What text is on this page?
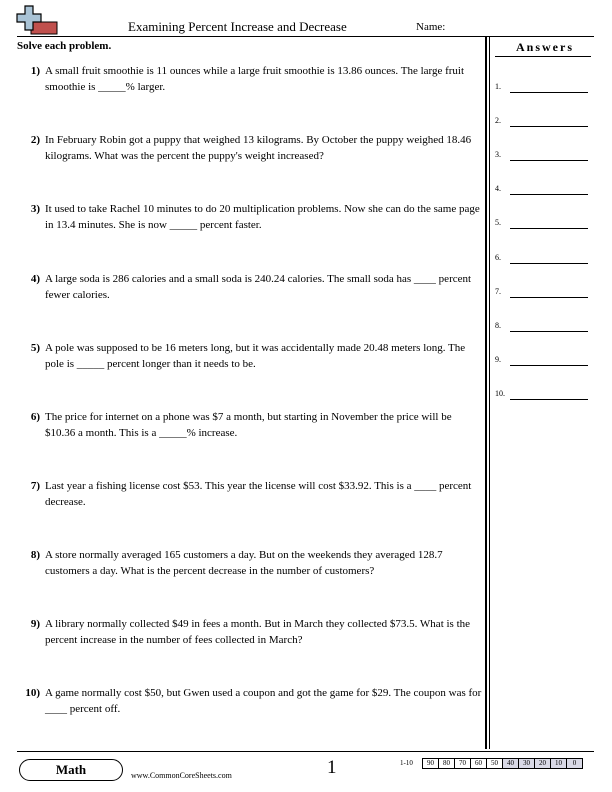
Examining Percent Increase and Decrease	Name:
Answers
1.
2.
3.
4.
5.
6.
7.
8.
9.
10.
Solve each problem.
1) A small fruit smoothie is 11 ounces while a large fruit smoothie is 13.86 ounces. The large fruit smoothie is _____% larger.
2) In February Robin got a puppy that weighed 13 kilograms. By October the puppy weighed 18.46 kilograms. What was the percent the puppy's weight increased?
3) It used to take Rachel 10 minutes to do 20 multiplication problems. Now she can do the same page in 13.4 minutes. She is now _____ percent faster.
4) A large soda is 286 calories and a small soda is 240.24 calories. The small soda has ____ percent fewer calories.
5) A pole was supposed to be 16 meters long, but it was accidentally made 20.48 meters long. The pole is _____ percent longer than it needs to be.
6) The price for internet on a phone was $7 a month, but starting in November the price will be $10.36 a month. This is a _____% increase.
7) Last year a fishing license cost $53. This year the license will cost $33.92. This is a ____ percent decrease.
8) A store normally averaged 165 customers a day. But on the weekends they averaged 128.7 customers a day. What is the percent decrease in the number of customers?
9) A library normally collected $49 in fees a month. But in March they collected $73.5. What is the percent increase in the number of fees collected in March?
10) A game normally cost $50, but Gwen used a coupon and got the game for $29. The coupon was for ____ percent off.
Math	www.CommonCoreSheets.com	1	1-10	90	80	70	60	50	40	30	20	10	0
